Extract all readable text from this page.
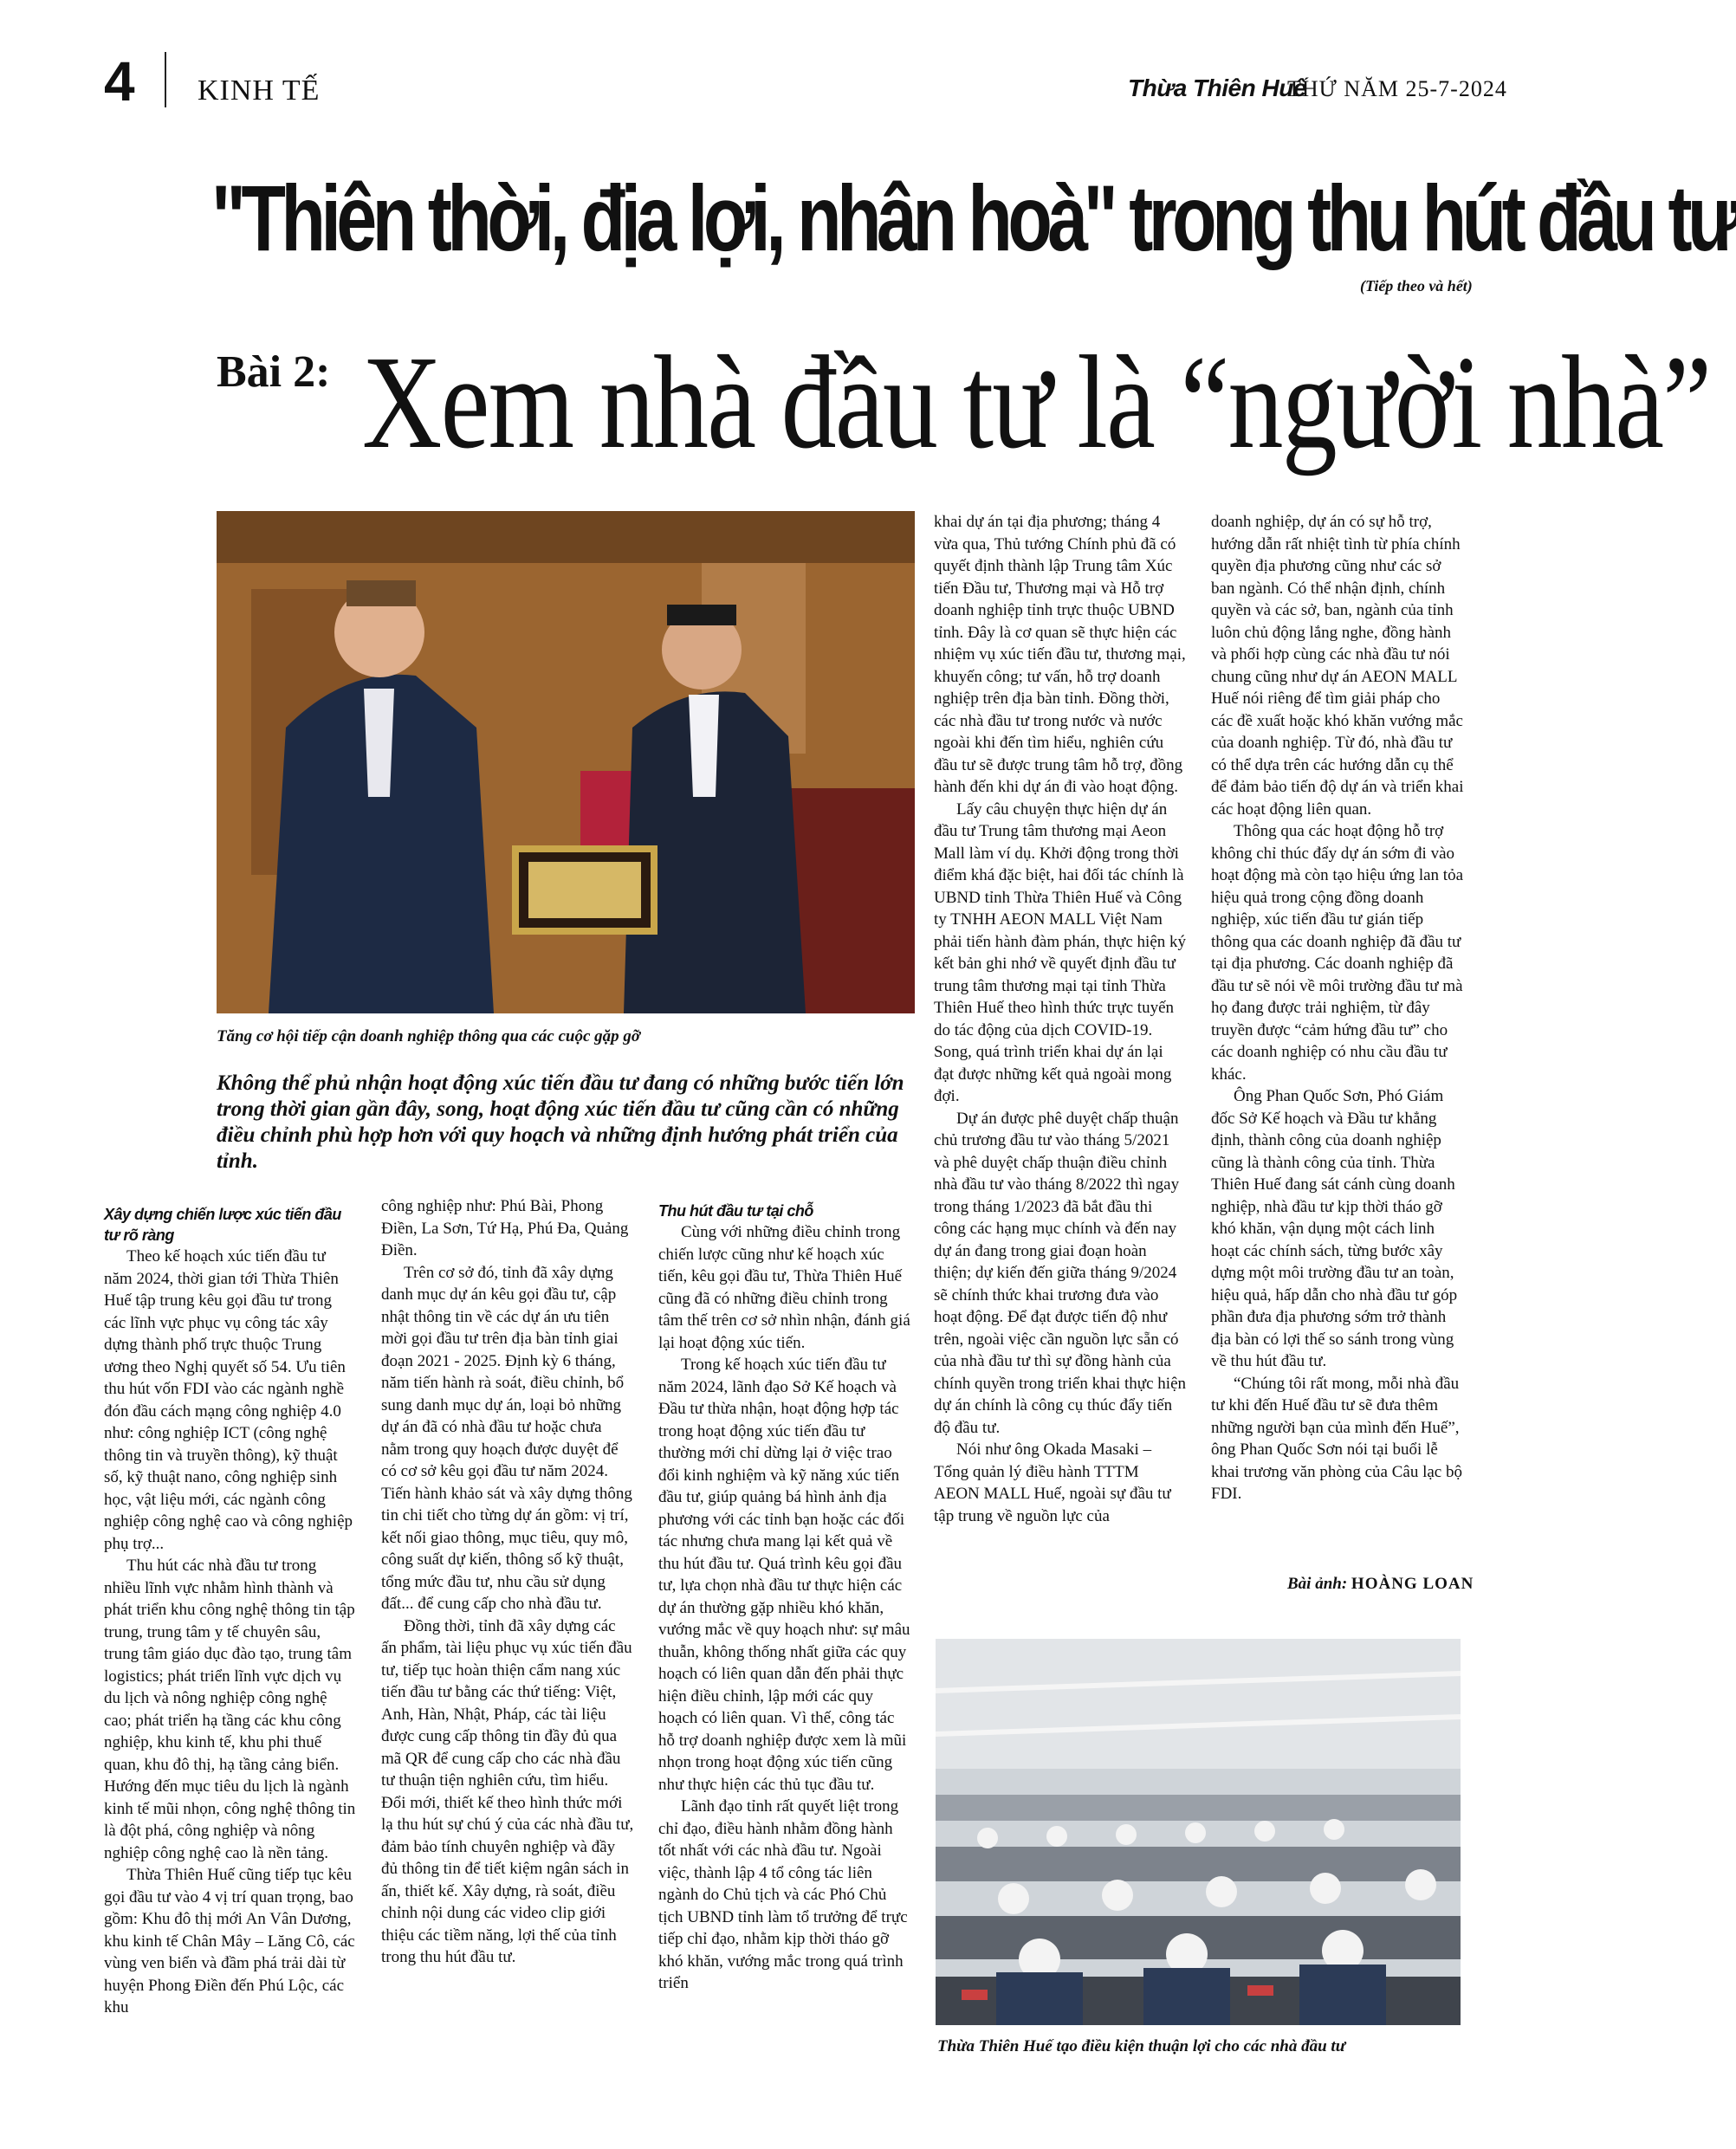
4 KINH TẾ	Thừa Thiên Huế
THỨ NĂM 25-7-2024
"Thiên thời, địa lợi, nhân hoà" trong thu hút đầu tư
(Tiếp theo và hết)
Bài 2: Xem nhà đầu tư là “người nhà”
Tăng cơ hội tiếp cận doanh nghiệp thông qua các cuộc gặp gỡ
Không thể phủ nhận hoạt động xúc tiến đầu tư đang có những bước tiến lớn trong thời gian gần đây, song, hoạt động xúc tiến đầu tư cũng cần có những điều chỉnh phù hợp hơn với quy hoạch và những định hướng phát triển của tỉnh.
Xây dựng chiến lược xúc tiến đầu tư rõ ràng

Theo kế hoạch xúc tiến đầu tư năm 2024, thời gian tới Thừa Thiên Huế tập trung kêu gọi đầu tư trong các lĩnh vực phục vụ công tác xây dựng thành phố trực thuộc Trung ương theo Nghị quyết số 54. Ưu tiên thu hút vốn FDI vào các ngành nghề đón đầu cách mạng công nghiệp 4.0 như: công nghiệp ICT (công nghệ thông tin và truyền thông), kỹ thuật số, kỹ thuật nano, công nghiệp sinh học, vật liệu mới, các ngành công nghiệp công nghệ cao và công nghiệp phụ trợ...

Thu hút các nhà đầu tư trong nhiều lĩnh vực nhằm hình thành và phát triển khu công nghệ thông tin tập trung, trung tâm y tế chuyên sâu, trung tâm giáo dục đào tạo, trung tâm logistics; phát triển lĩnh vực dịch vụ du lịch và nông nghiệp công nghệ cao; phát triển hạ tầng các khu công nghiệp, khu kinh tế, khu phi thuế quan, khu đô thị, hạ tầng cảng biển. Hướng đến mục tiêu du lịch là ngành kinh tế mũi nhọn, công nghệ thông tin là đột phá, công nghiệp và nông nghiệp công nghệ cao là nền tảng.

Thừa Thiên Huế cũng tiếp tục kêu gọi đầu tư vào 4 vị trí quan trọng, bao gồm: Khu đô thị mới An Vân Dương, khu kinh tế Chân Mây – Lăng Cô, các vùng ven biển và đầm phá trải dài từ huyện Phong Điền đến Phú Lộc, các khu

công nghiệp như: Phú Bài, Phong Điền, La Sơn, Tứ Hạ, Phú Đa, Quảng Điền.

Trên cơ sở đó, tỉnh đã xây dựng danh mục dự án kêu gọi đầu tư, cập nhật thông tin về các dự án ưu tiên mời gọi đầu tư trên địa bàn tỉnh giai đoạn 2021 - 2025. Định kỳ 6 tháng, năm tiến hành rà soát, điều chỉnh, bổ sung danh mục dự án, loại bỏ những dự án đã có nhà đầu tư hoặc chưa nằm trong quy hoạch được duyệt để có cơ sở kêu gọi đầu tư năm 2024. Tiến hành khảo sát và xây dựng thông tin chi tiết cho từng dự án gồm: vị trí, kết nối giao thông, mục tiêu, quy mô, công suất dự kiến, thông số kỹ thuật, tổng mức đầu tư, nhu cầu sử dụng đất... để cung cấp cho nhà đầu tư.

Đồng thời, tỉnh đã xây dựng các ấn phẩm, tài liệu phục vụ xúc tiến đầu tư, tiếp tục hoàn thiện cẩm nang xúc tiến đầu tư bằng các thứ tiếng: Việt, Anh, Hàn, Nhật, Pháp, các tài liệu được cung cấp thông tin đầy đủ qua mã QR để cung cấp cho các nhà đầu tư thuận tiện nghiên cứu, tìm hiểu. Đổi mới, thiết kế theo hình thức mới lạ thu hút sự chú ý của các nhà đầu tư, đảm bảo tính chuyên nghiệp và đầy đủ thông tin để tiết kiệm ngân sách in ấn, thiết kế. Xây dựng, rà soát, điều chỉnh nội dung các video clip giới thiệu các tiềm năng, lợi thế của tỉnh trong thu hút đầu tư.

Thu hút đầu tư tại chỗ

Cùng với những điều chỉnh trong chiến lược cũng như kế hoạch xúc tiến, kêu gọi đầu tư, Thừa Thiên Huế cũng đã có những điều chỉnh trong tâm thế trên cơ sở nhìn nhận, đánh giá lại hoạt động xúc tiến.

Trong kế hoạch xúc tiến đầu tư năm 2024, lãnh đạo Sở Kế hoạch và Đầu tư thừa nhận, hoạt động hợp tác trong hoạt động xúc tiến đầu tư thường mới chỉ dừng lại ở việc trao đổi kinh nghiệm và kỹ năng xúc tiến đầu tư, giúp quảng bá hình ảnh địa phương với các tỉnh bạn hoặc các đối tác nhưng chưa mang lại kết quả về thu hút đầu tư. Quá trình kêu gọi đầu tư, lựa chọn nhà đầu tư thực hiện các dự án thường gặp nhiều khó khăn, vướng mắc về quy hoạch như: sự mâu thuẫn, không thống nhất giữa các quy hoạch có liên quan dẫn đến phải thực hiện điều chỉnh, lập mới các quy hoạch có liên quan. Vì thế, công tác hỗ trợ doanh nghiệp được xem là mũi nhọn trong hoạt động xúc tiến cũng như thực hiện các thủ tục đầu tư.

Lãnh đạo tỉnh rất quyết liệt trong chỉ đạo, điều hành nhằm đồng hành tốt nhất với các nhà đầu tư. Ngoài việc, thành lập 4 tổ công tác liên ngành do Chủ tịch và các Phó Chủ tịch UBND tỉnh làm tổ trưởng để trực tiếp chỉ đạo, nhằm kịp thời tháo gỡ khó khăn, vướng mắc trong quá trình triển

khai dự án tại địa phương; tháng 4 vừa qua, Thủ tướng Chính phủ đã có quyết định thành lập Trung tâm Xúc tiến Đầu tư, Thương mại và Hỗ trợ doanh nghiệp tỉnh trực thuộc UBND tỉnh. Đây là cơ quan sẽ thực hiện các nhiệm vụ xúc tiến đầu tư, thương mại, khuyến công; tư vấn, hỗ trợ doanh nghiệp trên địa bàn tỉnh. Đồng thời, các nhà đầu tư trong nước và nước ngoài khi đến tìm hiểu, nghiên cứu đầu tư sẽ được trung tâm hỗ trợ, đồng hành đến khi dự án đi vào hoạt động.

Lấy câu chuyện thực hiện dự án đầu tư Trung tâm thương mại Aeon Mall làm ví dụ. Khởi động trong thời điểm khá đặc biệt, hai đối tác chính là UBND tỉnh Thừa Thiên Huế và Công ty TNHH AEON MALL Việt Nam phải tiến hành đàm phán, thực hiện ký kết bản ghi nhớ về quyết định đầu tư trung tâm thương mại tại tỉnh Thừa Thiên Huế theo hình thức trực tuyến do tác động của dịch COVID-19. Song, quá trình triển khai dự án lại đạt được những kết quả ngoài mong đợi.

Dự án được phê duyệt chấp thuận chủ trương đầu tư vào tháng 5/2021 và phê duyệt chấp thuận điều chỉnh nhà đầu tư vào tháng 8/2022 thì ngay trong tháng 1/2023 đã bắt đầu thi công các hạng mục chính và đến nay dự án đang trong giai đoạn hoàn thiện; dự kiến đến giữa tháng 9/2024 sẽ chính thức khai trương đưa vào hoạt động. Để đạt được tiến độ như trên, ngoài việc cần nguồn lực sẵn có của nhà đầu tư thì sự đồng hành của chính quyền trong triển khai thực hiện dự án chính là công cụ thúc đẩy tiến độ đầu tư.

Nói như ông Okada Masaki – Tổng quản lý điều hành TTTM AEON MALL Huế, ngoài sự đầu tư tập trung về nguồn lực của

doanh nghiệp, dự án có sự hỗ trợ, hướng dẫn rất nhiệt tình từ phía chính quyền địa phương cũng như các sở ban ngành. Có thể nhận định, chính quyền và các sở, ban, ngành của tỉnh luôn chủ động lắng nghe, đồng hành và phối hợp cùng các nhà đầu tư nói chung cũng như dự án AEON MALL Huế nói riêng để tìm giải pháp cho các đề xuất hoặc khó khăn vướng mắc của doanh nghiệp. Từ đó, nhà đầu tư có thể dựa trên các hướng dẫn cụ thể để đảm bảo tiến độ dự án và triển khai các hoạt động liên quan.

Thông qua các hoạt động hỗ trợ không chỉ thúc đẩy dự án sớm đi vào hoạt động mà còn tạo hiệu ứng lan tỏa hiệu quả trong cộng đồng doanh nghiệp, xúc tiến đầu tư gián tiếp thông qua các doanh nghiệp đã đầu tư tại địa phương. Các doanh nghiệp đã đầu tư sẽ nói về môi trường đầu tư mà họ đang được trải nghiệm, từ đây truyền được “cảm hứng đầu tư” cho các doanh nghiệp có nhu cầu đầu tư khác.

Ông Phan Quốc Sơn, Phó Giám đốc Sở Kế hoạch và Đầu tư khẳng định, thành công của doanh nghiệp cũng là thành công của tỉnh. Thừa Thiên Huế đang sát cánh cùng doanh nghiệp, nhà đầu tư kịp thời tháo gỡ khó khăn, vận dụng một cách linh hoạt các chính sách, từng bước xây dựng một môi trường đầu tư an toàn, hiệu quả, hấp dẫn cho nhà đầu tư góp phần đưa địa phương sớm trở thành địa bàn có lợi thế so sánh trong vùng về thu hút đầu tư.

“Chúng tôi rất mong, mỗi nhà đầu tư khi đến Huế đầu tư sẽ đưa thêm những người bạn của mình đến Huế”, ông Phan Quốc Sơn nói tại buổi lễ khai trương văn phòng của Câu lạc bộ FDI.

Bài ảnh: HOÀNG LOAN
Thừa Thiên Huế tạo điều kiện thuận lợi cho các nhà đầu tư
